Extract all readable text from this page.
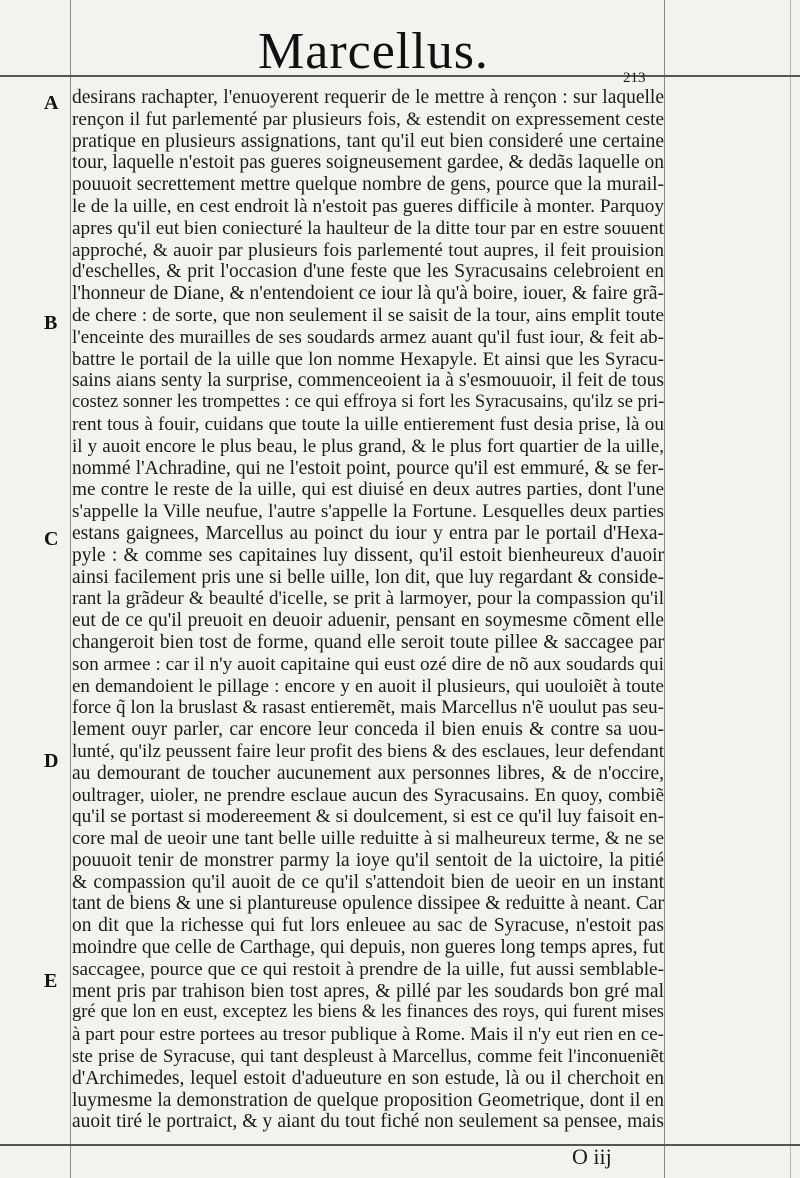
Marcellus.	213
A
B
C
D
E
desirans rachapter, l'enuoyerent requerir de le mettre à rençon : sur laquelle
rençon il fut parlementé par plusieurs fois, & estendit on expressement ceste
pratique en plusieurs assignations, tant qu'il eut bien consideré une certaine
tour, laquelle n'estoit pas gueres soigneusement gardee, & dedãs laquelle on
pouuoit secrettement mettre quelque nombre de gens, pource que la murail-
le de la uille, en cest endroit là n'estoit pas gueres difficile à monter. Parquoy
apres qu'il eut bien coniecturé la haulteur de la ditte tour par en estre souuent
approché, & auoir par plusieurs fois parlementé tout aupres, il feit prouision
d'eschelles, & prit l'occasion d'une feste que les Syracusains celebroient en
l'honneur de Diane, & n'entendoient ce iour là qu'à boire, iouer, & faire grã-
de chere : de sorte, que non seulement il se saisit de la tour, ains emplit toute
l'enceinte des murailles de ses soudards armez auant qu'il fust iour, & feit ab-
battre le portail de la uille que lon nomme Hexapyle. Et ainsi que les Syracu-
sains aians senty la surprise, commenceoient ia à s'esmouuoir, il feit de tous
costez sonner les trompettes : ce qui effroya si fort les Syracusains, qu'ilz se pri-
rent tous à fouir, cuidans que toute la uille entierement fust desia prise, là ou
il y auoit encore le plus beau, le plus grand, & le plus fort quartier de la uille,
nommé l'Achradine, qui ne l'estoit point, pource qu'il est emmuré, & se fer-
me contre le reste de la uille, qui est diuisé en deux autres parties, dont l'une
s'appelle la Ville neufue, l'autre s'appelle la Fortune. Lesquelles deux parties
estans gaignees, Marcellus au poinct du iour y entra par le portail d'Hexa-
pyle : & comme ses capitaines luy dissent, qu'il estoit bienheureux d'auoir
ainsi facilement pris une si belle uille, lon dit, que luy regardant & conside-
rant la grãdeur & beaulté d'icelle, se prit à larmoyer, pour la compassion qu'il
eut de ce qu'il preuoit en deuoir aduenir, pensant en soymesme cõment elle
changeroit bien tost de forme, quand elle seroit toute pillee & saccagee par
son armee : car il n'y auoit capitaine qui eust ozé dire de nõ aux soudards qui
en demandoient le pillage : encore y en auoit il plusieurs, qui uouloiẽt à toute
force q̃ lon la bruslast & rasast entieremẽt, mais Marcellus n'ẽ uoulut pas seu-
lement ouyr parler, car encore leur conceda il bien enuis & contre sa uou-
lunté, qu'ilz peussent faire leur profit des biens & des esclaues, leur defendant
au demourant de toucher aucunement aux personnes libres, & de n'occire,
oultrager, uioler, ne prendre esclaue aucun des Syracusains. En quoy, combiẽ
qu'il se portast si modereement & si doulcement, si est ce qu'il luy faisoit en-
core mal de ueoir une tant belle uille reduitte à si malheureux terme, & ne se
pouuoit tenir de monstrer parmy la ioye qu'il sentoit de la uictoire, la pitié
& compassion qu'il auoit de ce qu'il s'attendoit bien de ueoir en un instant
tant de biens & une si plantureuse opulence dissipee & reduitte à neant. Car
on dit que la richesse qui fut lors enleuee au sac de Syracuse, n'estoit pas
moindre que celle de Carthage, qui depuis, non gueres long temps apres, fut
saccagee, pource que ce qui restoit à prendre de la uille, fut aussi semblable-
ment pris par trahison bien tost apres, & pillé par les soudards bon gré mal
gré que lon en eust, exceptez les biens & les finances des roys, qui furent mises
à part pour estre portees au tresor publique à Rome. Mais il n'y eut rien en ce-
ste prise de Syracuse, qui tant despleust à Marcellus, comme feit l'inconueniẽt
d'Archimedes, lequel estoit d'adueuture en son estude, là ou il cherchoit en
luymesme la demonstration de quelque proposition Geometrique, dont il en
auoit tiré le portraict, & y aiant du tout fiché non seulement sa pensee, mais
O iij
